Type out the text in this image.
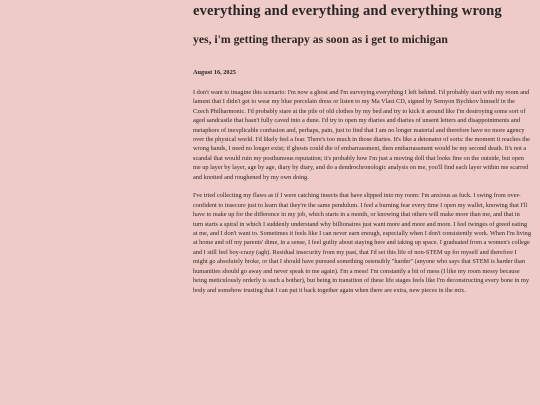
everything and everything and everything wrong
yes, i'm getting therapy as soon as i get to michigan
August 16, 2025

I don't want to imagine this scenario: I'm now a ghost and I'm surveying everything I left behind. I'd probably start with my room and lament that I didn't get to wear my blue porcelain dress or listen to my Ma Vlast CD, signed by Semyon Bychkov himself in the Czech Philharmonic. I'd probably stare at the pile of old clothes by my bed and try to kick it around like I'm destroying some sort of aged sandcastle that hasn't fully caved into a dune. I'd try to open my diaries and diaries of unsent letters and disappointments and metaphors of inexplicable confusion and, perhaps, pain, just to find that I am no longer material and therefore have no more agency over the physical world. I'd likely feel a fear. There's too much in those diaries. It's like a detonator of sorts: the moment it reaches the wrong hands, I need no longer exist; if ghosts could die of embarrassment, then embarrassment would be my second death. It's not a scandal that would ruin my posthumous reputation; it's probably how I'm just a moving doll that looks fine on the outside, but open me up layer by layer, age by age, diary by diary, and do a dendrochronologic analysis on me, you'll find each layer within me scarred and knotted and roughened by my own doing.

I've tried collecting my flaws as if I were catching insects that have slipped into my room: I'm anxious as fuck. I swing from over-confident to insecure just to learn that they're the same pendulum. I feel a burning fear every time I open my wallet, knowing that I'll have to make up for the difference in my job, which starts in a month, or knowing that others will make more than me, and that in turn starts a spiral in which I suddenly understand why billionaires just want more and more and more. I feel twinges of greed eating at me, and I don't want to. Sometimes it feels like I can never earn enough, especially when I don't consistently work. When I'm living at home and off my parents' dime, in a sense, I feel guilty about staying here and taking up space. I graduated from a women's college and I still feel boy-crazy (agh). Residual insecurity from my past, that I'd set this life of non-STEM up for myself and therefore I might go absolutely broke, or that I should have pursued something ostensibly "harder" (anyone who says that STEM is harder than humanities should go away and never speak to me again). I'm a mess! I'm constantly a bit of mess (I like my room messy because being meticulously orderly is such a bother), but being in transition of these life stages feels like I'm deconstructing every bone in my body and somehow trusting that I can put it back together again when there are extra, new pieces in the mix.
